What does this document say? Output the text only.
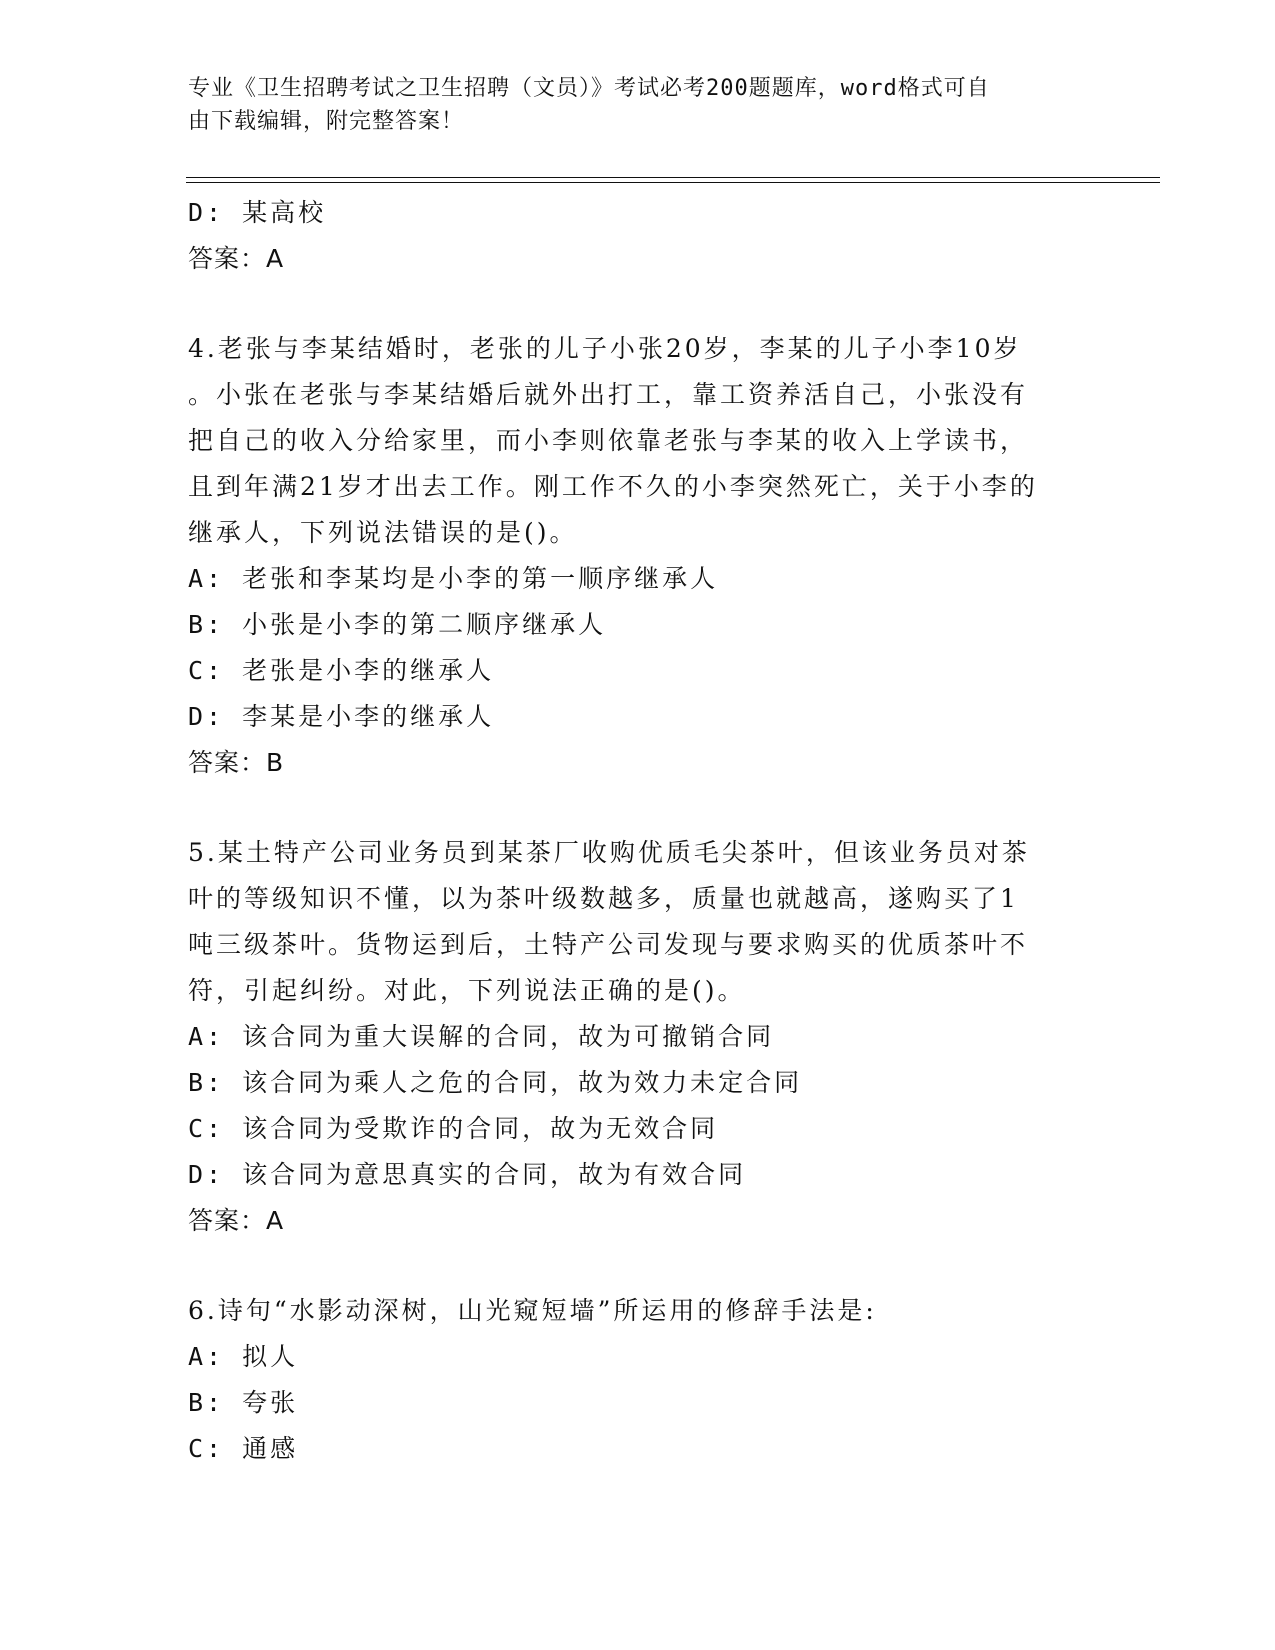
专业《卫生招聘考试之卫生招聘（文员）》考试必考200题题库，word格式可自
由下载编辑，附完整答案！

D: 某高校

答案：A

4.老张与李某结婚时，老张的儿子小张20岁，李某的儿子小李10岁

。小张在老张与李某结婚后就外出打工，靠工资养活自己，小张没有

把自己的收入分给家里，而小李则依靠老张与李某的收入上学读书，

且到年满21岁才出去工作。刚工作不久的小李突然死亡，关于小李的

继承人，下列说法错误的是()。

A: 老张和李某均是小李的第一顺序继承人

B: 小张是小李的第二顺序继承人

C: 老张是小李的继承人

D: 李某是小李的继承人

答案：B

5.某土特产公司业务员到某茶厂收购优质毛尖茶叶，但该业务员对茶

叶的等级知识不懂，以为茶叶级数越多，质量也就越高，遂购买了1

吨三级茶叶。货物运到后，土特产公司发现与要求购买的优质茶叶不

符，引起纠纷。对此，下列说法正确的是()。

A: 该合同为重大误解的合同，故为可撤销合同

B: 该合同为乘人之危的合同，故为效力未定合同

C: 该合同为受欺诈的合同，故为无效合同

D: 该合同为意思真实的合同，故为有效合同

答案：A

6.诗句“水影动深树，山光窥短墙”所运用的修辞手法是:

A: 拟人

B: 夸张

C: 通感
